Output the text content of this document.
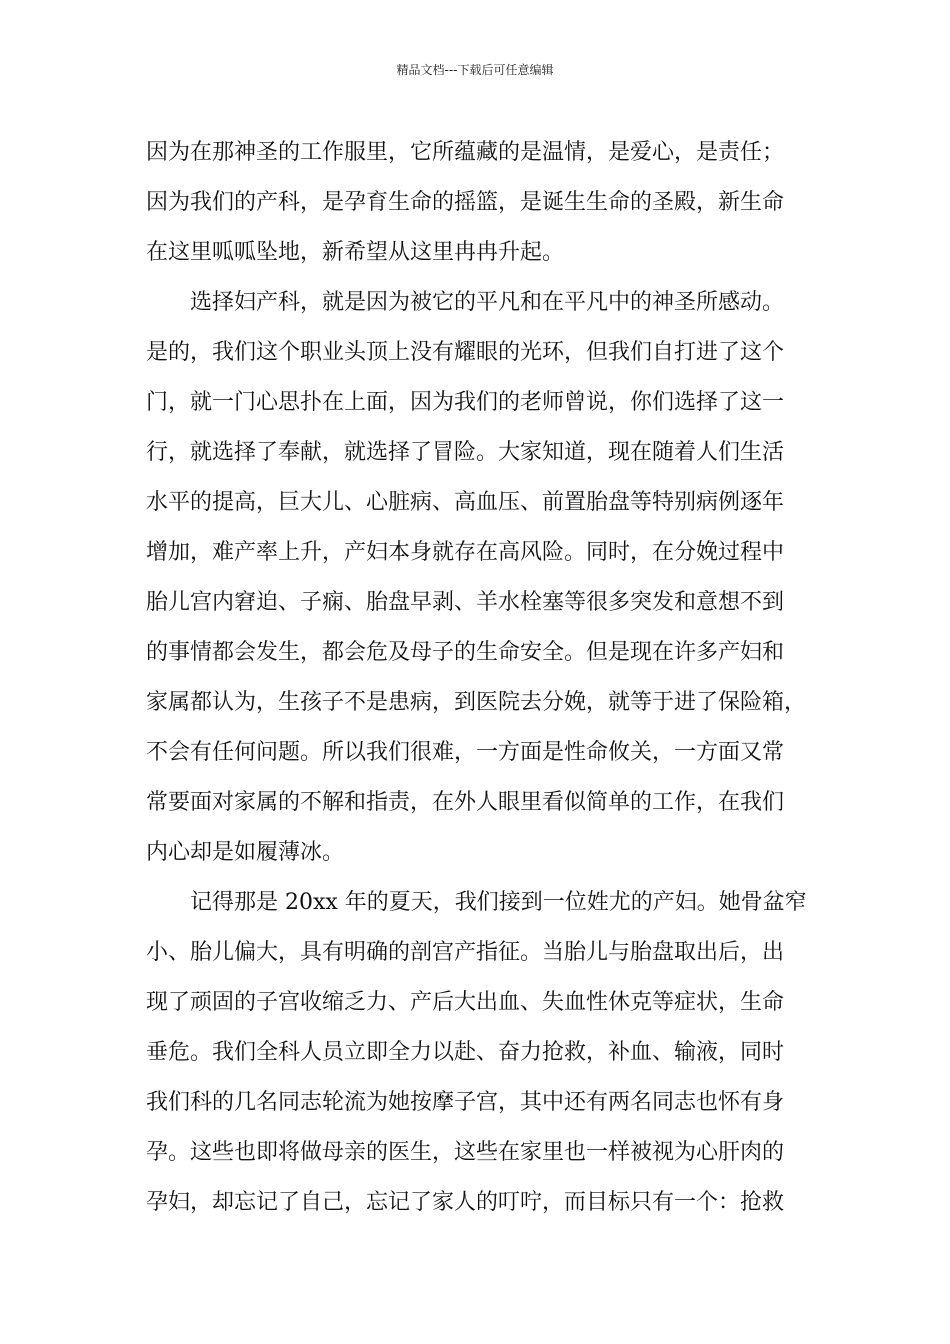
精品文档---下载后可任意编辑
因为在那神圣的工作服里，它所蕴藏的是温情，是爱心，是责任；
因为我们的产科，是孕育生命的摇篮，是诞生生命的圣殿，新生命
在这里呱呱坠地，新希望从这里冉冉升起。
选择妇产科，就是因为被它的平凡和在平凡中的神圣所感动。
是的，我们这个职业头顶上没有耀眼的光环，但我们自打进了这个
门，就一门心思扑在上面，因为我们的老师曾说，你们选择了这一
行，就选择了奉献，就选择了冒险。大家知道，现在随着人们生活
水平的提高，巨大儿、心脏病、高血压、前置胎盘等特别病例逐年
增加，难产率上升，产妇本身就存在高风险。同时，在分娩过程中
胎儿宫内窘迫、子痫、胎盘早剥、羊水栓塞等很多突发和意想不到
的事情都会发生，都会危及母子的生命安全。但是现在许多产妇和
家属都认为，生孩子不是患病，到医院去分娩，就等于进了保险箱，
不会有任何问题。所以我们很难，一方面是性命攸关，一方面又常
常要面对家属的不解和指责，在外人眼里看似简单的工作，在我们
内心却是如履薄冰。
记得那是 20xx 年的夏天，我们接到一位姓尤的产妇。她骨盆窄
小、胎儿偏大，具有明确的剖宫产指征。当胎儿与胎盘取出后，出
现了顽固的子宫收缩乏力、产后大出血、失血性休克等症状，生命
垂危。我们全科人员立即全力以赴、奋力抢救，补血、输液，同时
我们科的几名同志轮流为她按摩子宫，其中还有两名同志也怀有身
孕。这些也即将做母亲的医生，这些在家里也一样被视为心肝肉的
孕妇，却忘记了自己，忘记了家人的叮咛，而目标只有一个：抢救
